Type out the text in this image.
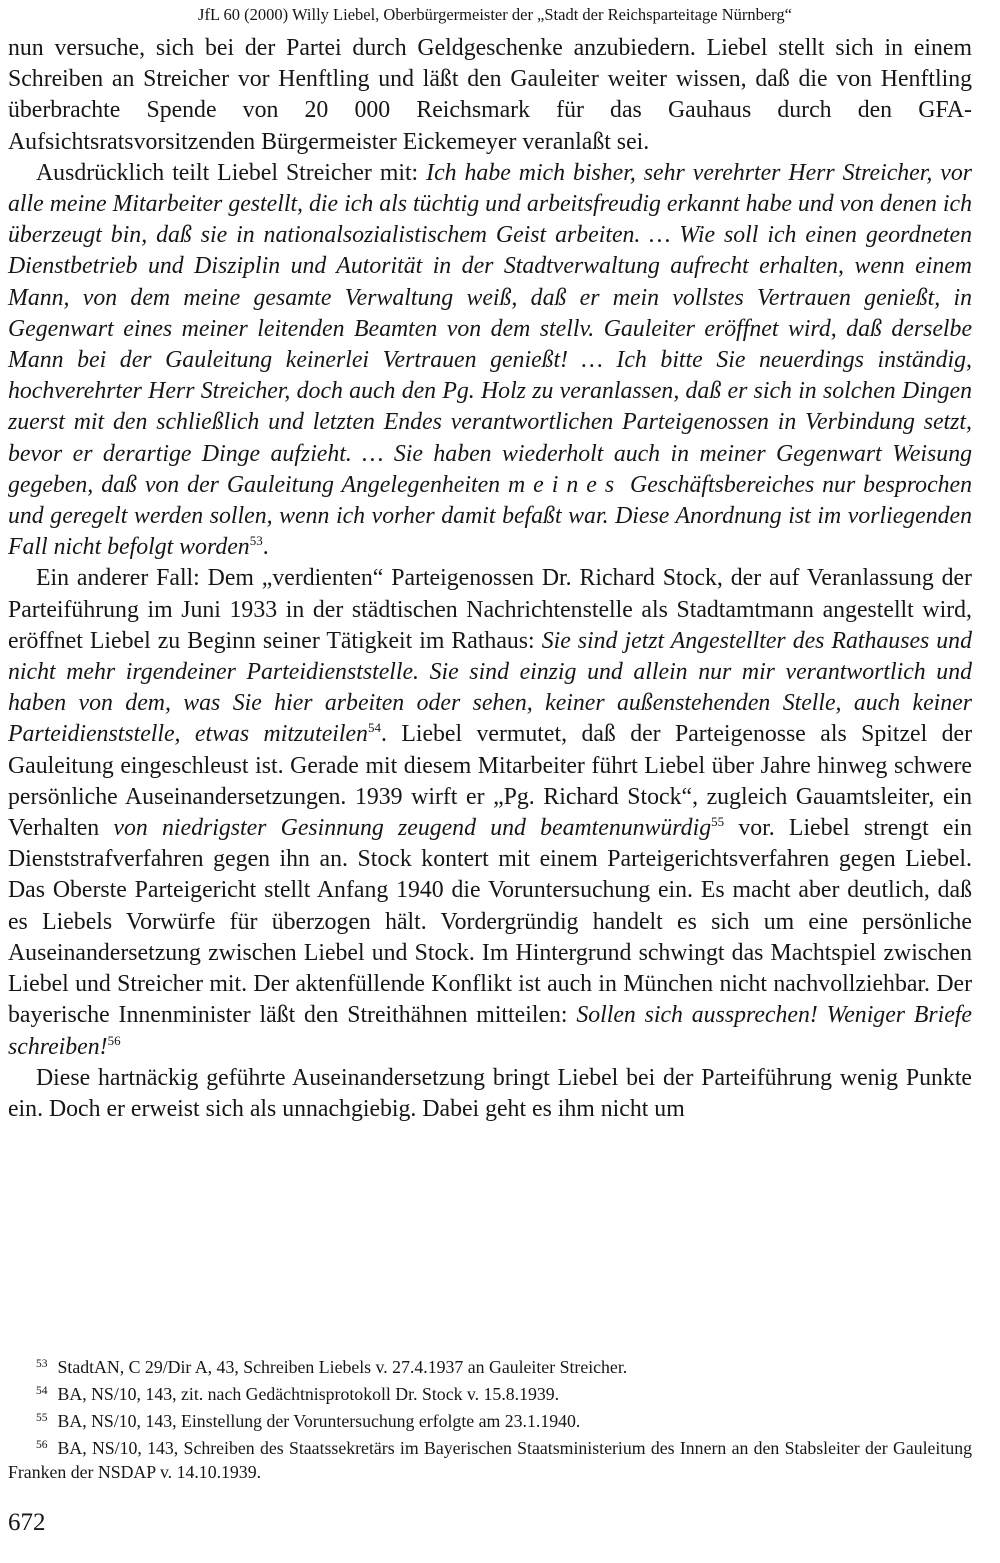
JfL 60 (2000) Willy Liebel, Oberbürgermeister der „Stadt der Reichsparteitage Nürnberg“

nun versuche, sich bei der Partei durch Geldgeschenke anzubiedern. Liebel stellt sich in einem Schreiben an Streicher vor Henftling und läßt den Gauleiter weiter wissen, daß die von Henftling überbrachte Spende von 20 000 Reichsmark für das Gauhaus durch den GFA-Aufsichtsratsvorsitzenden Bürgermeister Eickemeyer veranlaßt sei.

Ausdrücklich teilt Liebel Streicher mit: Ich habe mich bisher, sehr verehrter Herr Streicher, vor alle meine Mitarbeiter gestellt, die ich als tüchtig und arbeitsfreudig erkannt habe und von denen ich überzeugt bin, daß sie in nationalsozialistischem Geist arbeiten. … Wie soll ich einen geordneten Dienstbetrieb und Disziplin und Autorität in der Stadtverwaltung aufrecht erhalten, wenn einem Mann, von dem meine gesamte Verwaltung weiß, daß er mein vollstes Vertrauen genießt, in Gegenwart eines meiner leitenden Beamten von dem stellv. Gauleiter eröffnet wird, daß derselbe Mann bei der Gauleitung keinerlei Vertrauen genießt! … Ich bitte Sie neuerdings inständig, hochverehrter Herr Streicher, doch auch den Pg. Holz zu veranlassen, daß er sich in solchen Dingen zuerst mit den schließlich und letzten Endes verantwortlichen Parteigenossen in Verbindung setzt, bevor er derartige Dinge aufzieht. … Sie haben wiederholt auch in meiner Gegenwart Weisung gegeben, daß von der Gauleitung Angelegenheiten meines Geschäftsbereiches nur besprochen und geregelt werden sollen, wenn ich vorher damit befaßt war. Diese Anordnung ist im vorliegenden Fall nicht befolgt worden$^{53}$.

Ein anderer Fall: Dem „verdienten“ Parteigenossen Dr. Richard Stock, der auf Veranlassung der Parteiführung im Juni 1933 in der städtischen Nachrichtenstelle als Stadtamtmann angestellt wird, eröffnet Liebel zu Beginn seiner Tätigkeit im Rathaus: Sie sind jetzt Angestellter des Rathauses und nicht mehr irgendeiner Parteidienststelle. Sie sind einzig und allein nur mir verantwortlich und haben von dem, was Sie hier arbeiten oder sehen, keiner außenstehenden Stelle, auch keiner Parteidienststelle, etwas mitzuteilen$^{54}$. Liebel vermutet, daß der Parteigenosse als Spitzel der Gauleitung eingeschleust ist. Gerade mit diesem Mitarbeiter führt Liebel über Jahre hinweg schwere persönliche Auseinandersetzungen. 1939 wirft er „Pg. Richard Stock“, zugleich Gauamtsleiter, ein Verhalten von niedrigster Gesinnung zeugend und beamtenunwürdig$^{55}$ vor. Liebel strengt ein Dienststrafverfahren gegen ihn an. Stock kontert mit einem Parteigerichtsverfahren gegen Liebel. Das Oberste Parteigericht stellt Anfang 1940 die Voruntersuchung ein. Es macht aber deutlich, daß es Liebels Vorwürfe für überzogen hält. Vordergründig handelt es sich um eine persönliche Auseinandersetzung zwischen Liebel und Stock. Im Hintergrund schwingt das Machtspiel zwischen Liebel und Streicher mit. Der aktenfüllende Konflikt ist auch in München nicht nachvollziehbar. Der bayerische Innenminister läßt den Streithähnen mitteilen: Sollen sich aussprechen! Weniger Briefe schreiben!$^{56}$

Diese hartnäckig geführte Auseinandersetzung bringt Liebel bei der Parteiführung wenig Punkte ein. Doch er erweist sich als unnachgiebig. Dabei geht es ihm nicht um

$^{53}$ StadtAN, C 29/Dir A, 43, Schreiben Liebels v. 27.4.1937 an Gauleiter Streicher.

$^{54}$ BA, NS/10, 143, zit. nach Gedächtnisprotokoll Dr. Stock v. 15.8.1939.

$^{55}$ BA, NS/10, 143, Einstellung der Voruntersuchung erfolgte am 23.1.1940.

$^{56}$ BA, NS/10, 143, Schreiben des Staatssekretärs im Bayerischen Staatsministerium des Innern an den Stabsleiter der Gauleitung Franken der NSDAP v. 14.10.1939.

672
